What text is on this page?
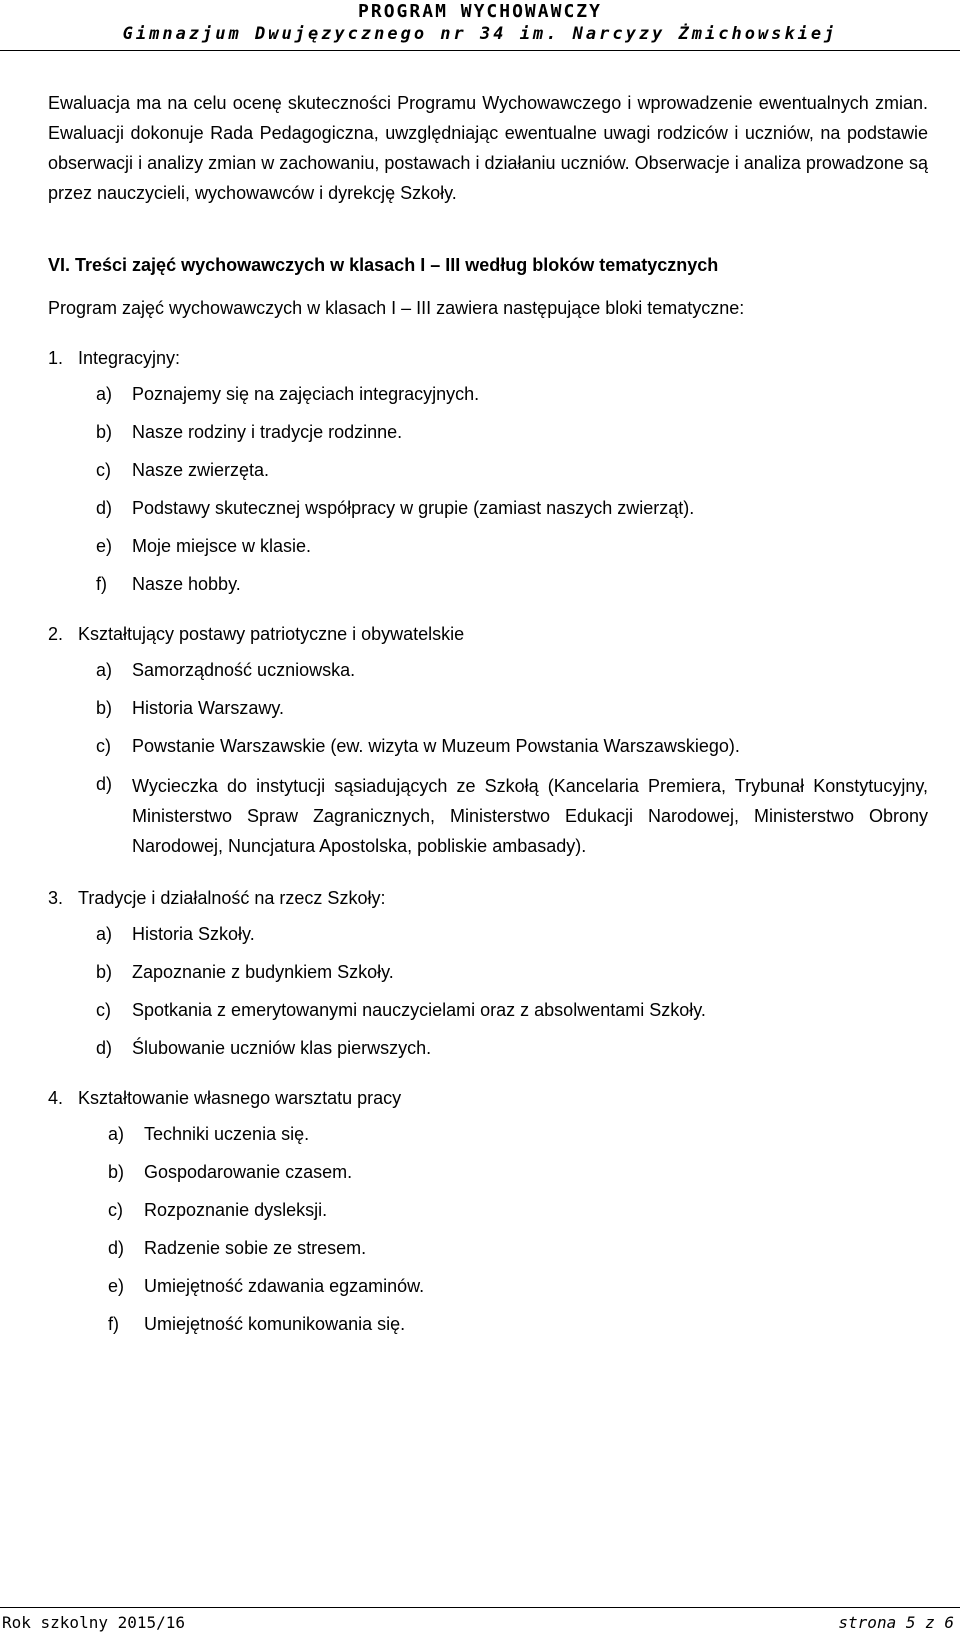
PROGRAM WYCHOWAWCZY
Gimnazjum Dwujęzycznego nr 34 im. Narcyzy Żmichowskiej

Ewaluacja ma na celu ocenę skuteczności Programu Wychowawczego i wprowadzenie ewentualnych zmian. Ewaluacji dokonuje Rada Pedagogiczna, uwzględniając ewentualne uwagi rodziców i uczniów, na podstawie obserwacji i analizy zmian w zachowaniu, postawach i działaniu uczniów. Obserwacje i analiza prowadzone są przez nauczycieli, wychowawców i dyrekcję Szkoły.

VI. Treści zajęć wychowawczych w klasach I – III według bloków tematycznych
Program zajęć wychowawczych w klasach I – III zawiera następujące bloki tematyczne:
1. Integracyjny:
a)	Poznajemy się na zajęciach integracyjnych.
b)	Nasze rodziny i tradycje rodzinne.
c)	Nasze zwierzęta.
d)	Podstawy skutecznej współpracy w grupie (zamiast naszych zwierząt).
e)	Moje miejsce w klasie.
f)	Nasze hobby.
2. Kształtujący postawy patriotyczne i obywatelskie
a)	Samorządność uczniowska.
b)	Historia Warszawy.
c)	Powstanie Warszawskie (ew. wizyta w Muzeum Powstania Warszawskiego).
d)	Wycieczka do instytucji sąsiadujących ze Szkołą (Kancelaria Premiera, Trybunał Konstytucyjny, Ministerstwo Spraw Zagranicznych, Ministerstwo Edukacji Narodowej, Ministerstwo Obrony Narodowej, Nuncjatura Apostolska, pobliskie ambasady).
3. Tradycje i działalność na rzecz Szkoły:
a)	Historia Szkoły.
b)	Zapoznanie z budynkiem Szkoły.
c)	Spotkania z emerytowanymi nauczycielami oraz z absolwentami Szkoły.
d)	Ślubowanie uczniów klas pierwszych.
4. Kształtowanie własnego warsztatu pracy
a)	Techniki uczenia się.
b)	Gospodarowanie czasem.
c)	Rozpoznanie dysleksji.
d)	Radzenie sobie ze stresem.
e)	Umiejętność zdawania egzaminów.
f)	Umiejętność komunikowania się.
Rok szkolny 2015/16	strona 5 z 6
